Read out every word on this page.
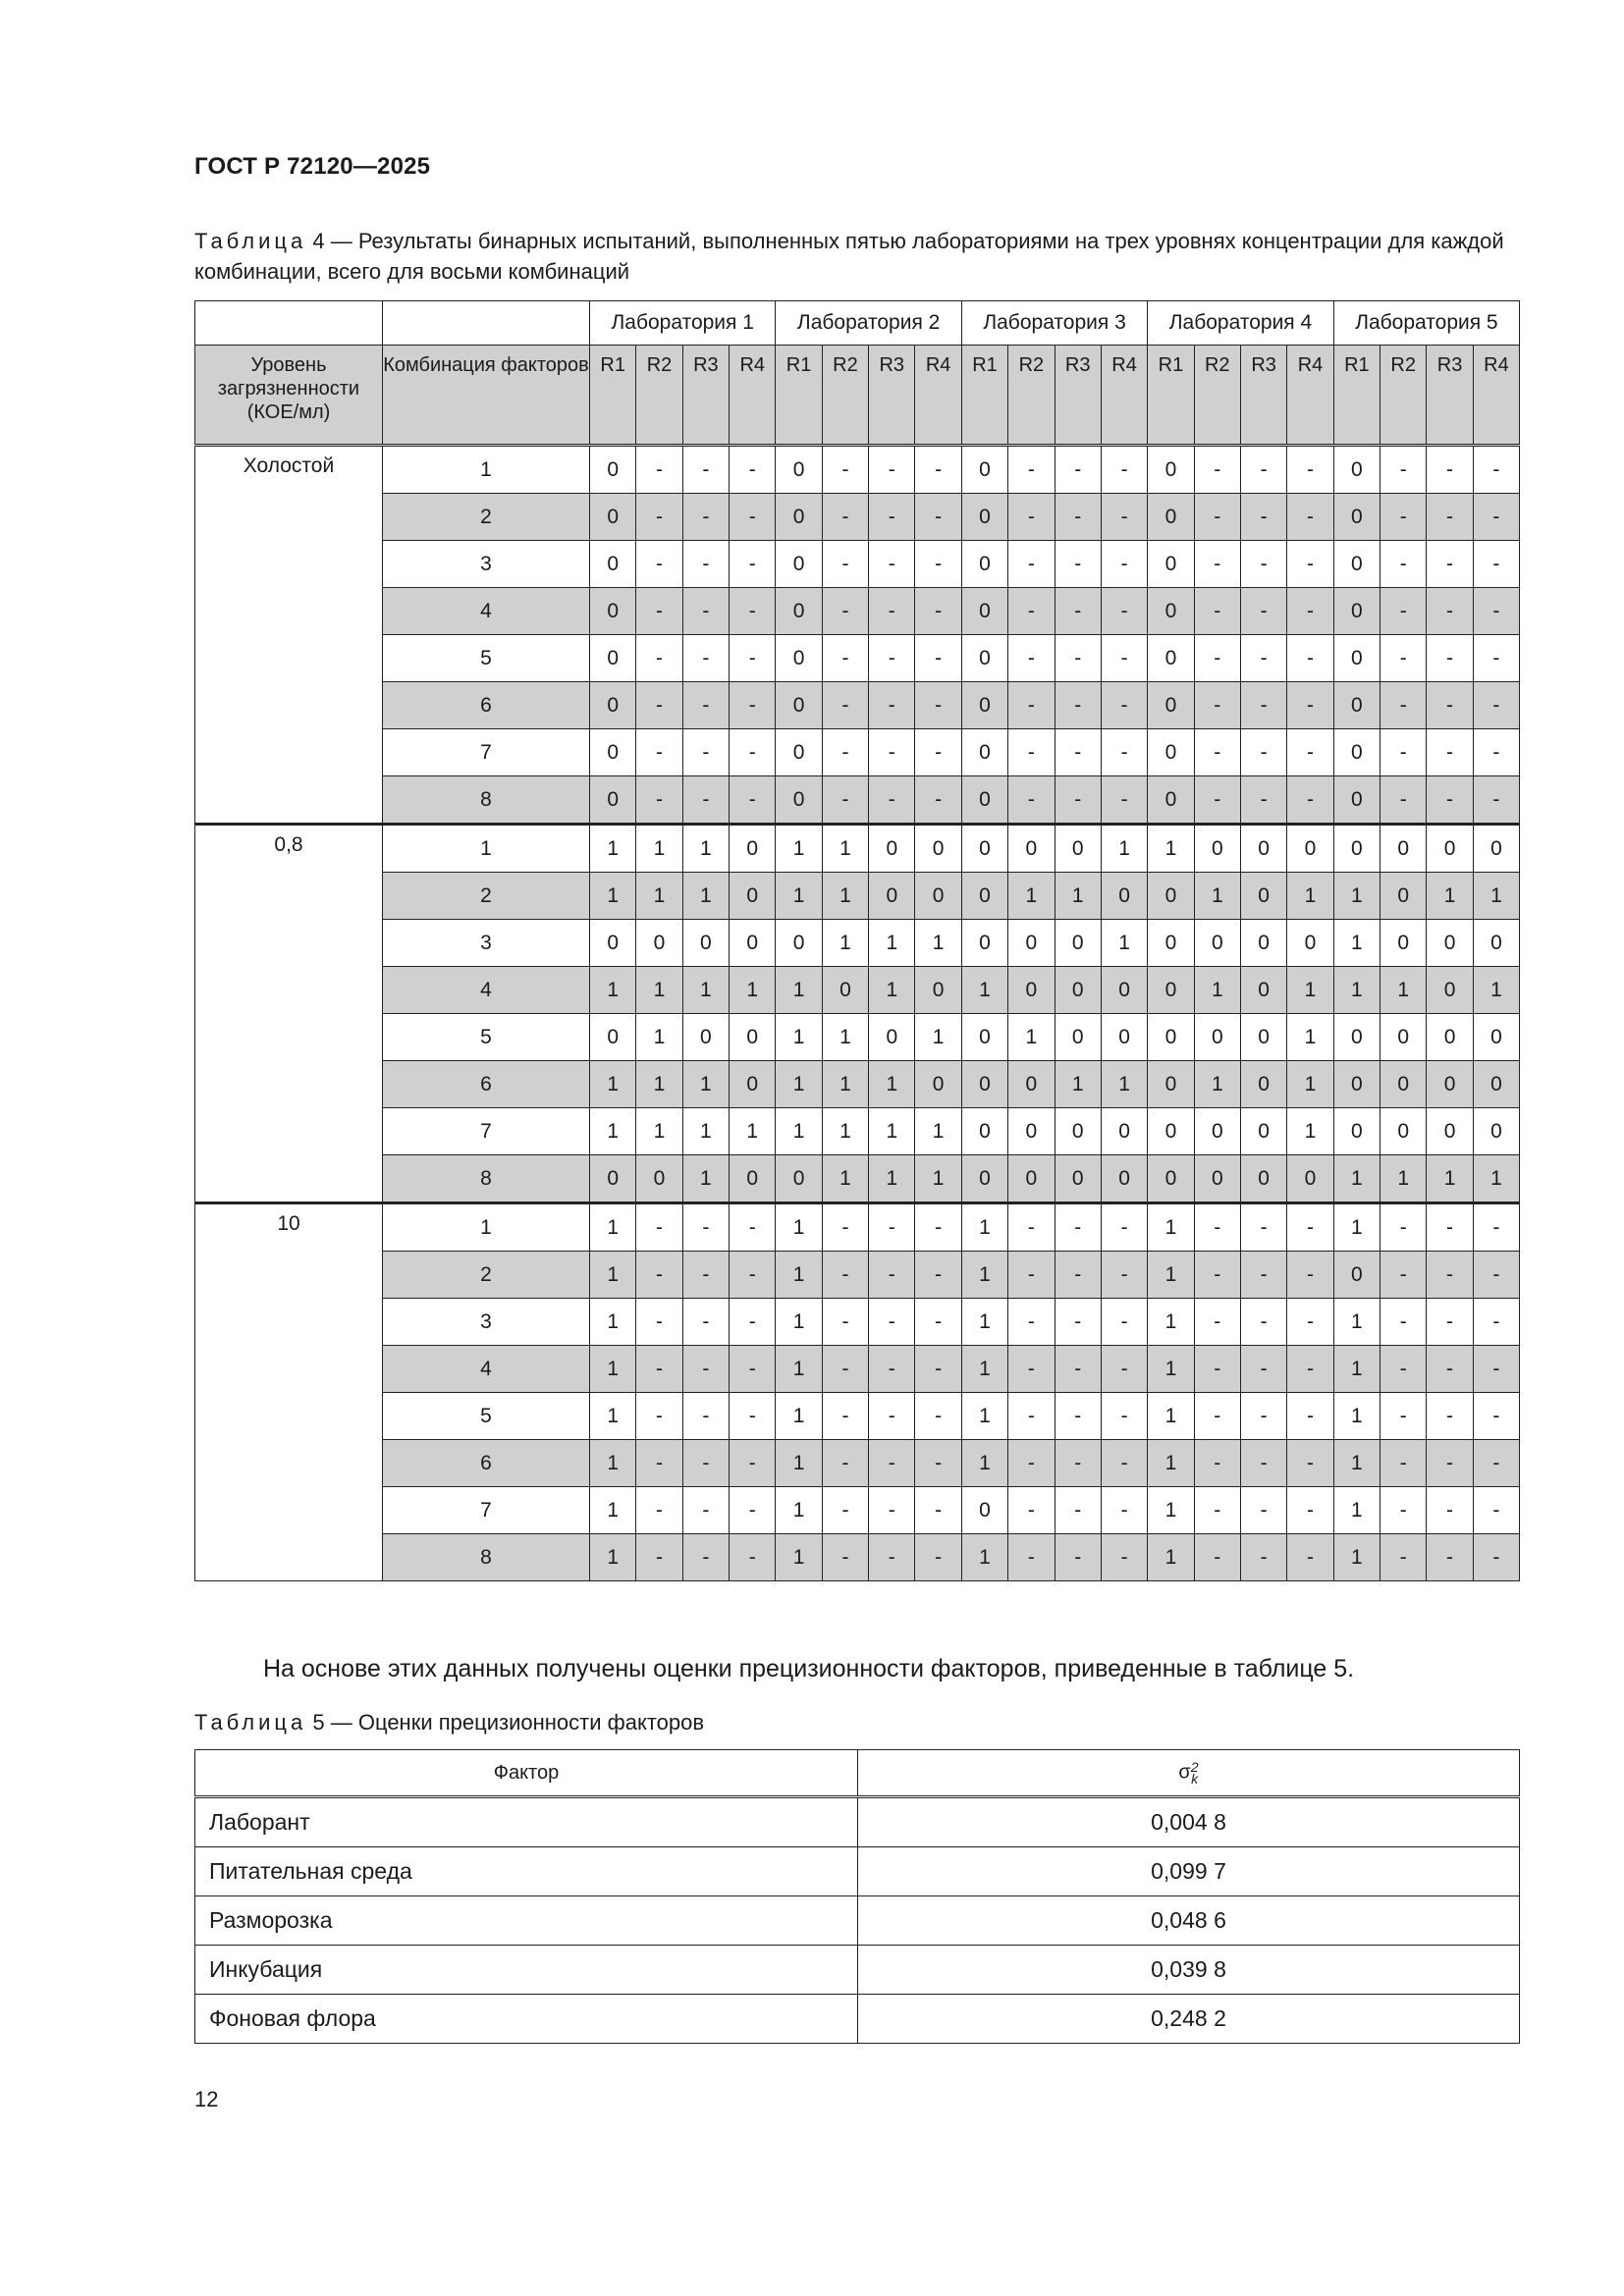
ГОСТ Р 72120—2025
Таблица 4 — Результаты бинарных испытаний, выполненных пятью лабораториями на трех уровнях концентрации для каждой комбинации, всего для восьми комбинаций
		Лаборатория 1				Лаборатория 2				Лаборатория 3				Лаборатория 4				Лаборатория 5			
Уровень загрязненности (КОЕ/мл)	Комбинация факторов	R1	R2	R3	R4	R1	R2	R3	R4	R1	R2	R3	R4	R1	R2	R3	R4	R1	R2	R3	R4
Холостой	1	0	-	-	-	0	-	-	-	0	-	-	-	0	-	-	-	0	-	-	-
	2	0	-	-	-	0	-	-	-	0	-	-	-	0	-	-	-	0	-	-	-
	3	0	-	-	-	0	-	-	-	0	-	-	-	0	-	-	-	0	-	-	-
	4	0	-	-	-	0	-	-	-	0	-	-	-	0	-	-	-	0	-	-	-
	5	0	-	-	-	0	-	-	-	0	-	-	-	0	-	-	-	0	-	-	-
	6	0	-	-	-	0	-	-	-	0	-	-	-	0	-	-	-	0	-	-	-
	7	0	-	-	-	0	-	-	-	0	-	-	-	0	-	-	-	0	-	-	-
	8	0	-	-	-	0	-	-	-	0	-	-	-	0	-	-	-	0	-	-	-
0,8	1	1	1	1	0	1	1	0	0	0	0	0	1	1	0	0	0	0	0	0	0
	2	1	1	1	0	1	1	0	0	0	1	1	0	0	1	0	1	1	0	1	1
	3	0	0	0	0	0	1	1	1	0	0	0	1	0	0	0	0	1	0	0	0
	4	1	1	1	1	1	0	1	0	1	0	0	0	0	1	0	1	1	1	0	1
	5	0	1	0	0	1	1	0	1	0	1	0	0	0	0	0	1	0	0	0	0
	6	1	1	1	0	1	1	1	0	0	0	1	1	0	1	0	1	0	0	0	0
	7	1	1	1	1	1	1	1	1	0	0	0	0	0	0	0	1	0	0	0	0
	8	0	0	1	0	0	1	1	1	0	0	0	0	0	0	0	0	1	1	1	1
10	1	1	-	-	-	1	-	-	-	1	-	-	-	1	-	-	-	1	-	-	-
	2	1	-	-	-	1	-	-	-	1	-	-	-	1	-	-	-	0	-	-	-
	3	1	-	-	-	1	-	-	-	1	-	-	-	1	-	-	-	1	-	-	-
	4	1	-	-	-	1	-	-	-	1	-	-	-	1	-	-	-	1	-	-	-
	5	1	-	-	-	1	-	-	-	1	-	-	-	1	-	-	-	1	-	-	-
	6	1	-	-	-	1	-	-	-	1	-	-	-	1	-	-	-	1	-	-	-
	7	1	-	-	-	1	-	-	-	0	-	-	-	1	-	-	-	1	-	-	-
	8	1	-	-	-	1	-	-	-	1	-	-	-	1	-	-	-	1	-	-	-
На основе этих данных получены оценки прецизионности факторов, приведенные в таблице 5.
Таблица 5 — Оценки прецизионности факторов
Фактор	σ 2
k

Лаборант	0,004 8
Питательная среда	0,099 7
Разморозка	0,048 6
Инкубация	0,039 8
Фоновая флора	0,248 2
12
